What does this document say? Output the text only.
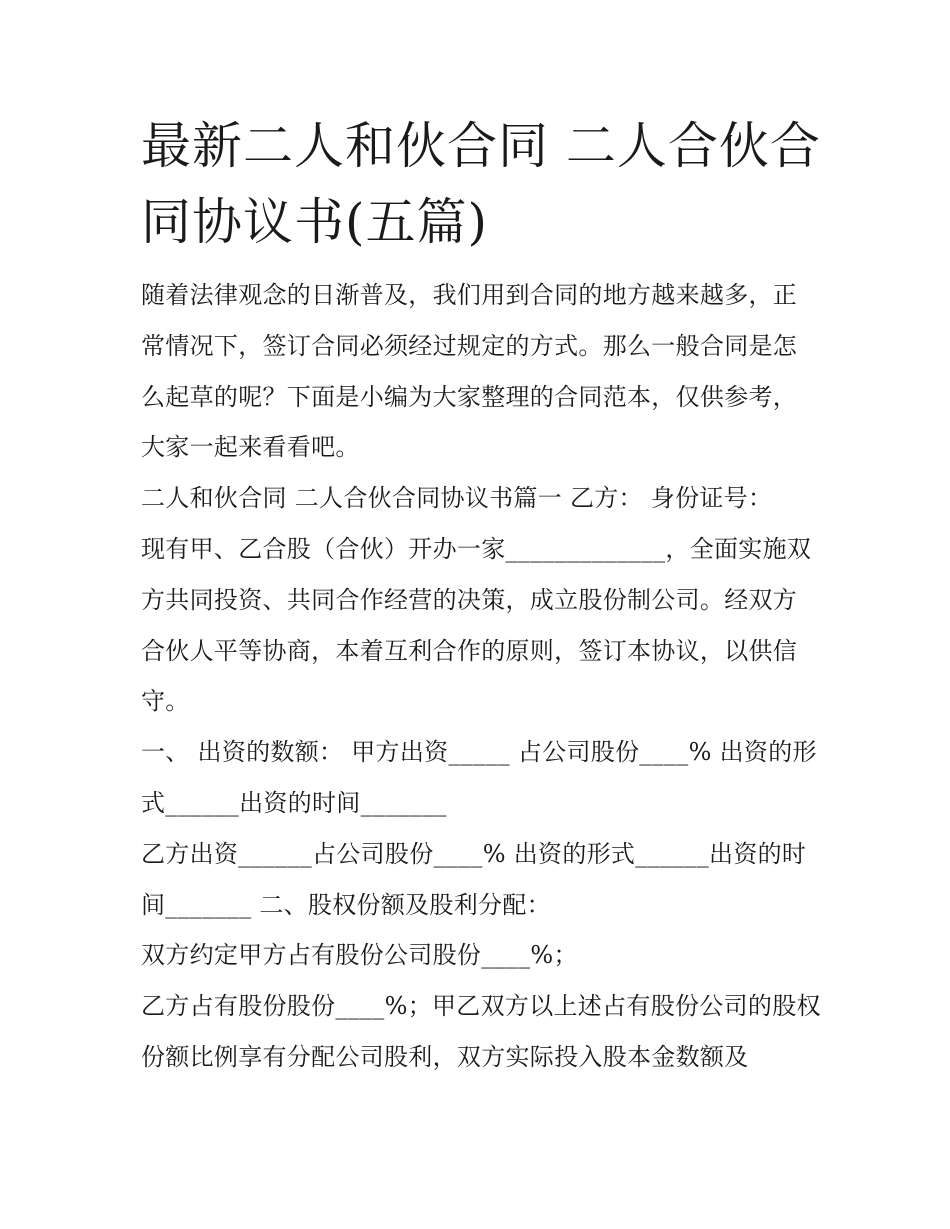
最新二人和伙合同 二人合伙合同协议书(五篇)

随着法律观念的日渐普及，我们用到合同的地方越来越多，正常情况下，签订合同必须经过规定的方式。那么一般合同是怎么起草的呢？下面是小编为大家整理的合同范本，仅供参考，大家一起来看看吧。

二人和伙合同 二人合伙合同协议书篇一 乙方： 身份证号：

现有甲、乙合股（合伙）开办一家_____________，全面实施双方共同投资、共同合作经营的决策，成立股份制公司。经双方合伙人平等协商，本着互利合作的原则，签订本协议，以供信守。

一、 出资的数额： 甲方出资_____ 占公司股份____% 出资的形式______出资的时间_______

乙方出资______占公司股份____% 出资的形式______出资的时间_______ 二、股权份额及股利分配：

双方约定甲方占有股份公司股份____%；

乙方占有股份股份____%；甲乙双方以上述占有股份公司的股权份额比例享有分配公司股利，双方实际投入股本金数额及
